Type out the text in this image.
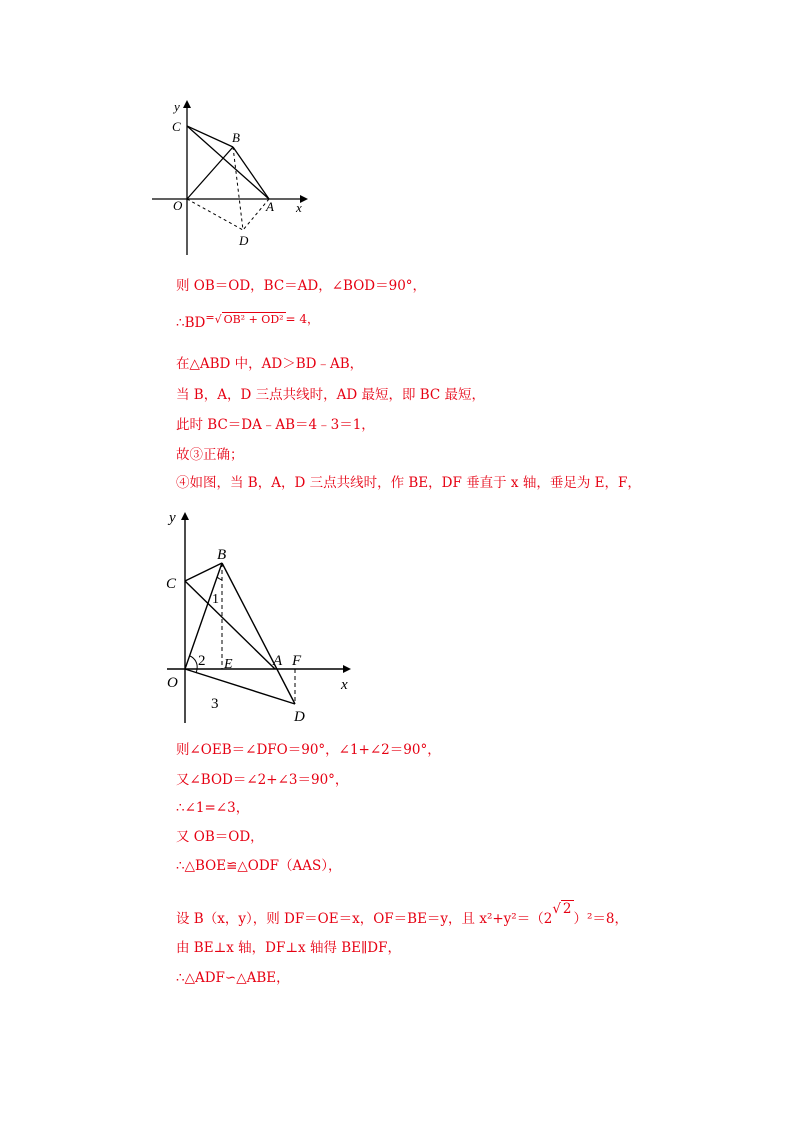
y
x
C
B
O	A
D
则 OB＝OD，BC＝AD，∠BOD＝90°，
∴BD=√ OB² + OD² = 4，
在△ABD 中，AD＞BD﹣AB，
当 B，A，D 三点共线时，AD 最短，即 BC 最短，
此时 BC＝DA﹣AB＝4﹣3＝1，
故③正确；
④如图，当 B，A，D 三点共线时，作 BE，DF 垂直于 x 轴，垂足为 E，F，
y
x
C
B
O
A F
E
D
1
2
3
则∠OEB＝∠DFO＝90°，∠1+∠2＝90°，
又∠BOD＝∠2+∠3＝90°，
∴∠1=∠3，
又 OB＝OD，
∴△BOE≌△ODF（AAS），
设 B（x，y），则 DF＝OE＝x，OF＝BE＝y，且 x²+y²＝（2√ 2）²＝8，
由 BE⊥x 轴，DF⊥x 轴得 BE∥DF，
∴△ADF∽△ABE，
